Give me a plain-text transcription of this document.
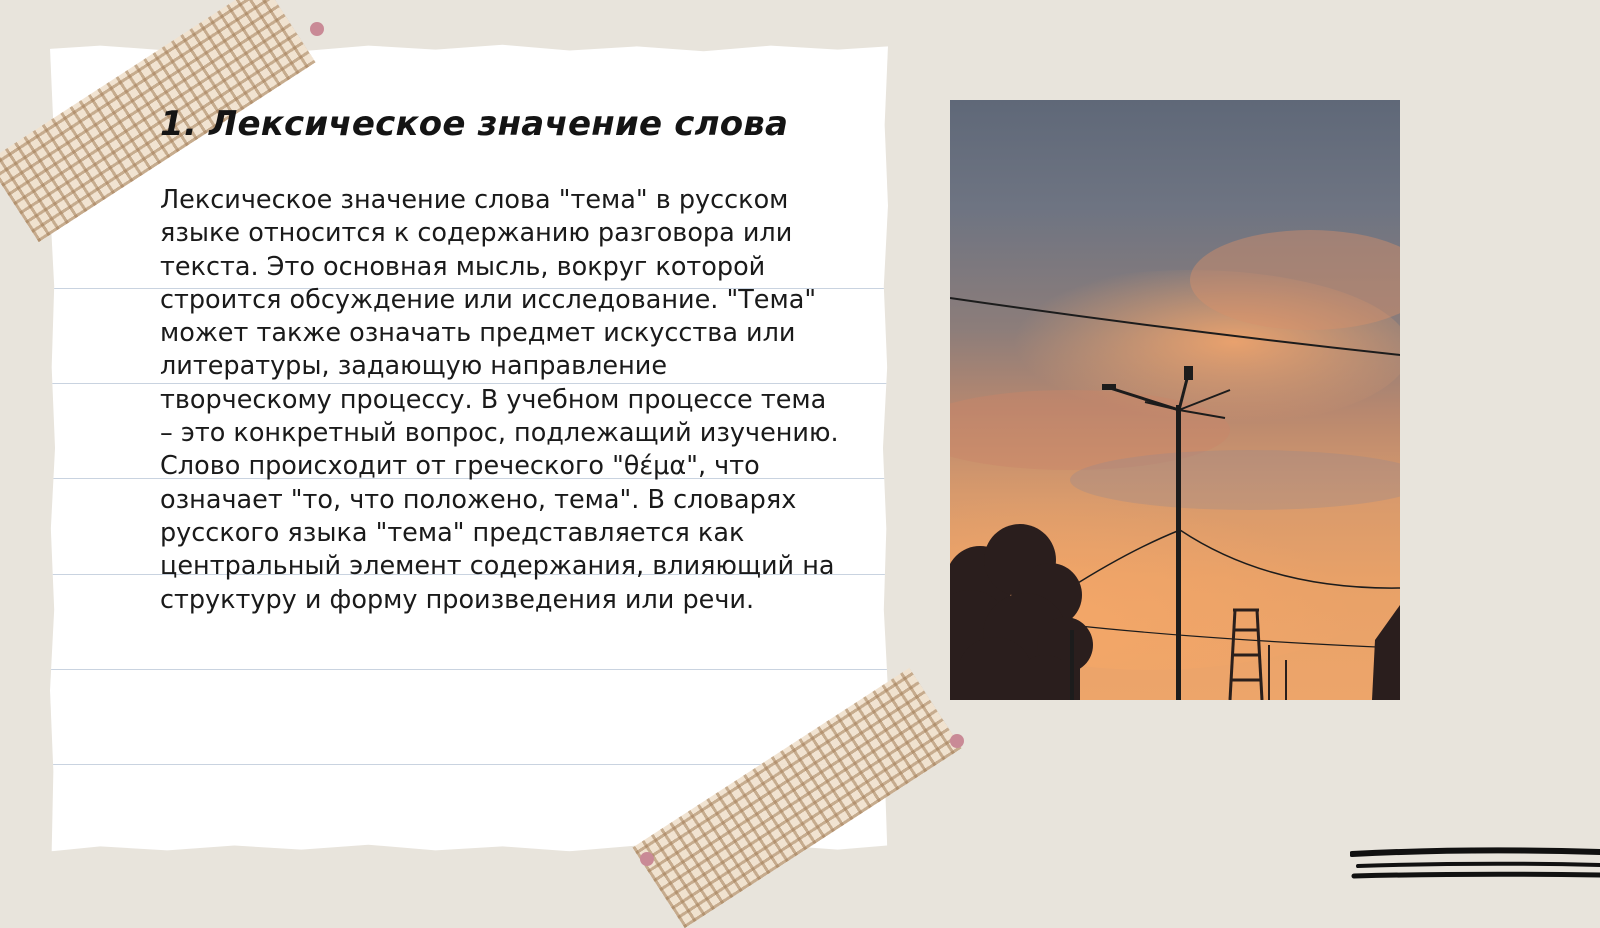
1. Лексическое значение слова

Лексическое значение слова "тема" в русском языке относится к содержанию разговора или текста. Это основная мысль, вокруг которой строится обсуждение или исследование. "Тема" может также означать предмет искусства или литературы, задающую направление творческому процессу. В учебном процессе тема – это конкретный вопрос, подлежащий изучению. Слово происходит от греческого "θέμα", что означает "то, что положено, тема". В словарях русского языка "тема" представляется как центральный элемент содержания, влияющий на структуру и форму произведения или речи.
